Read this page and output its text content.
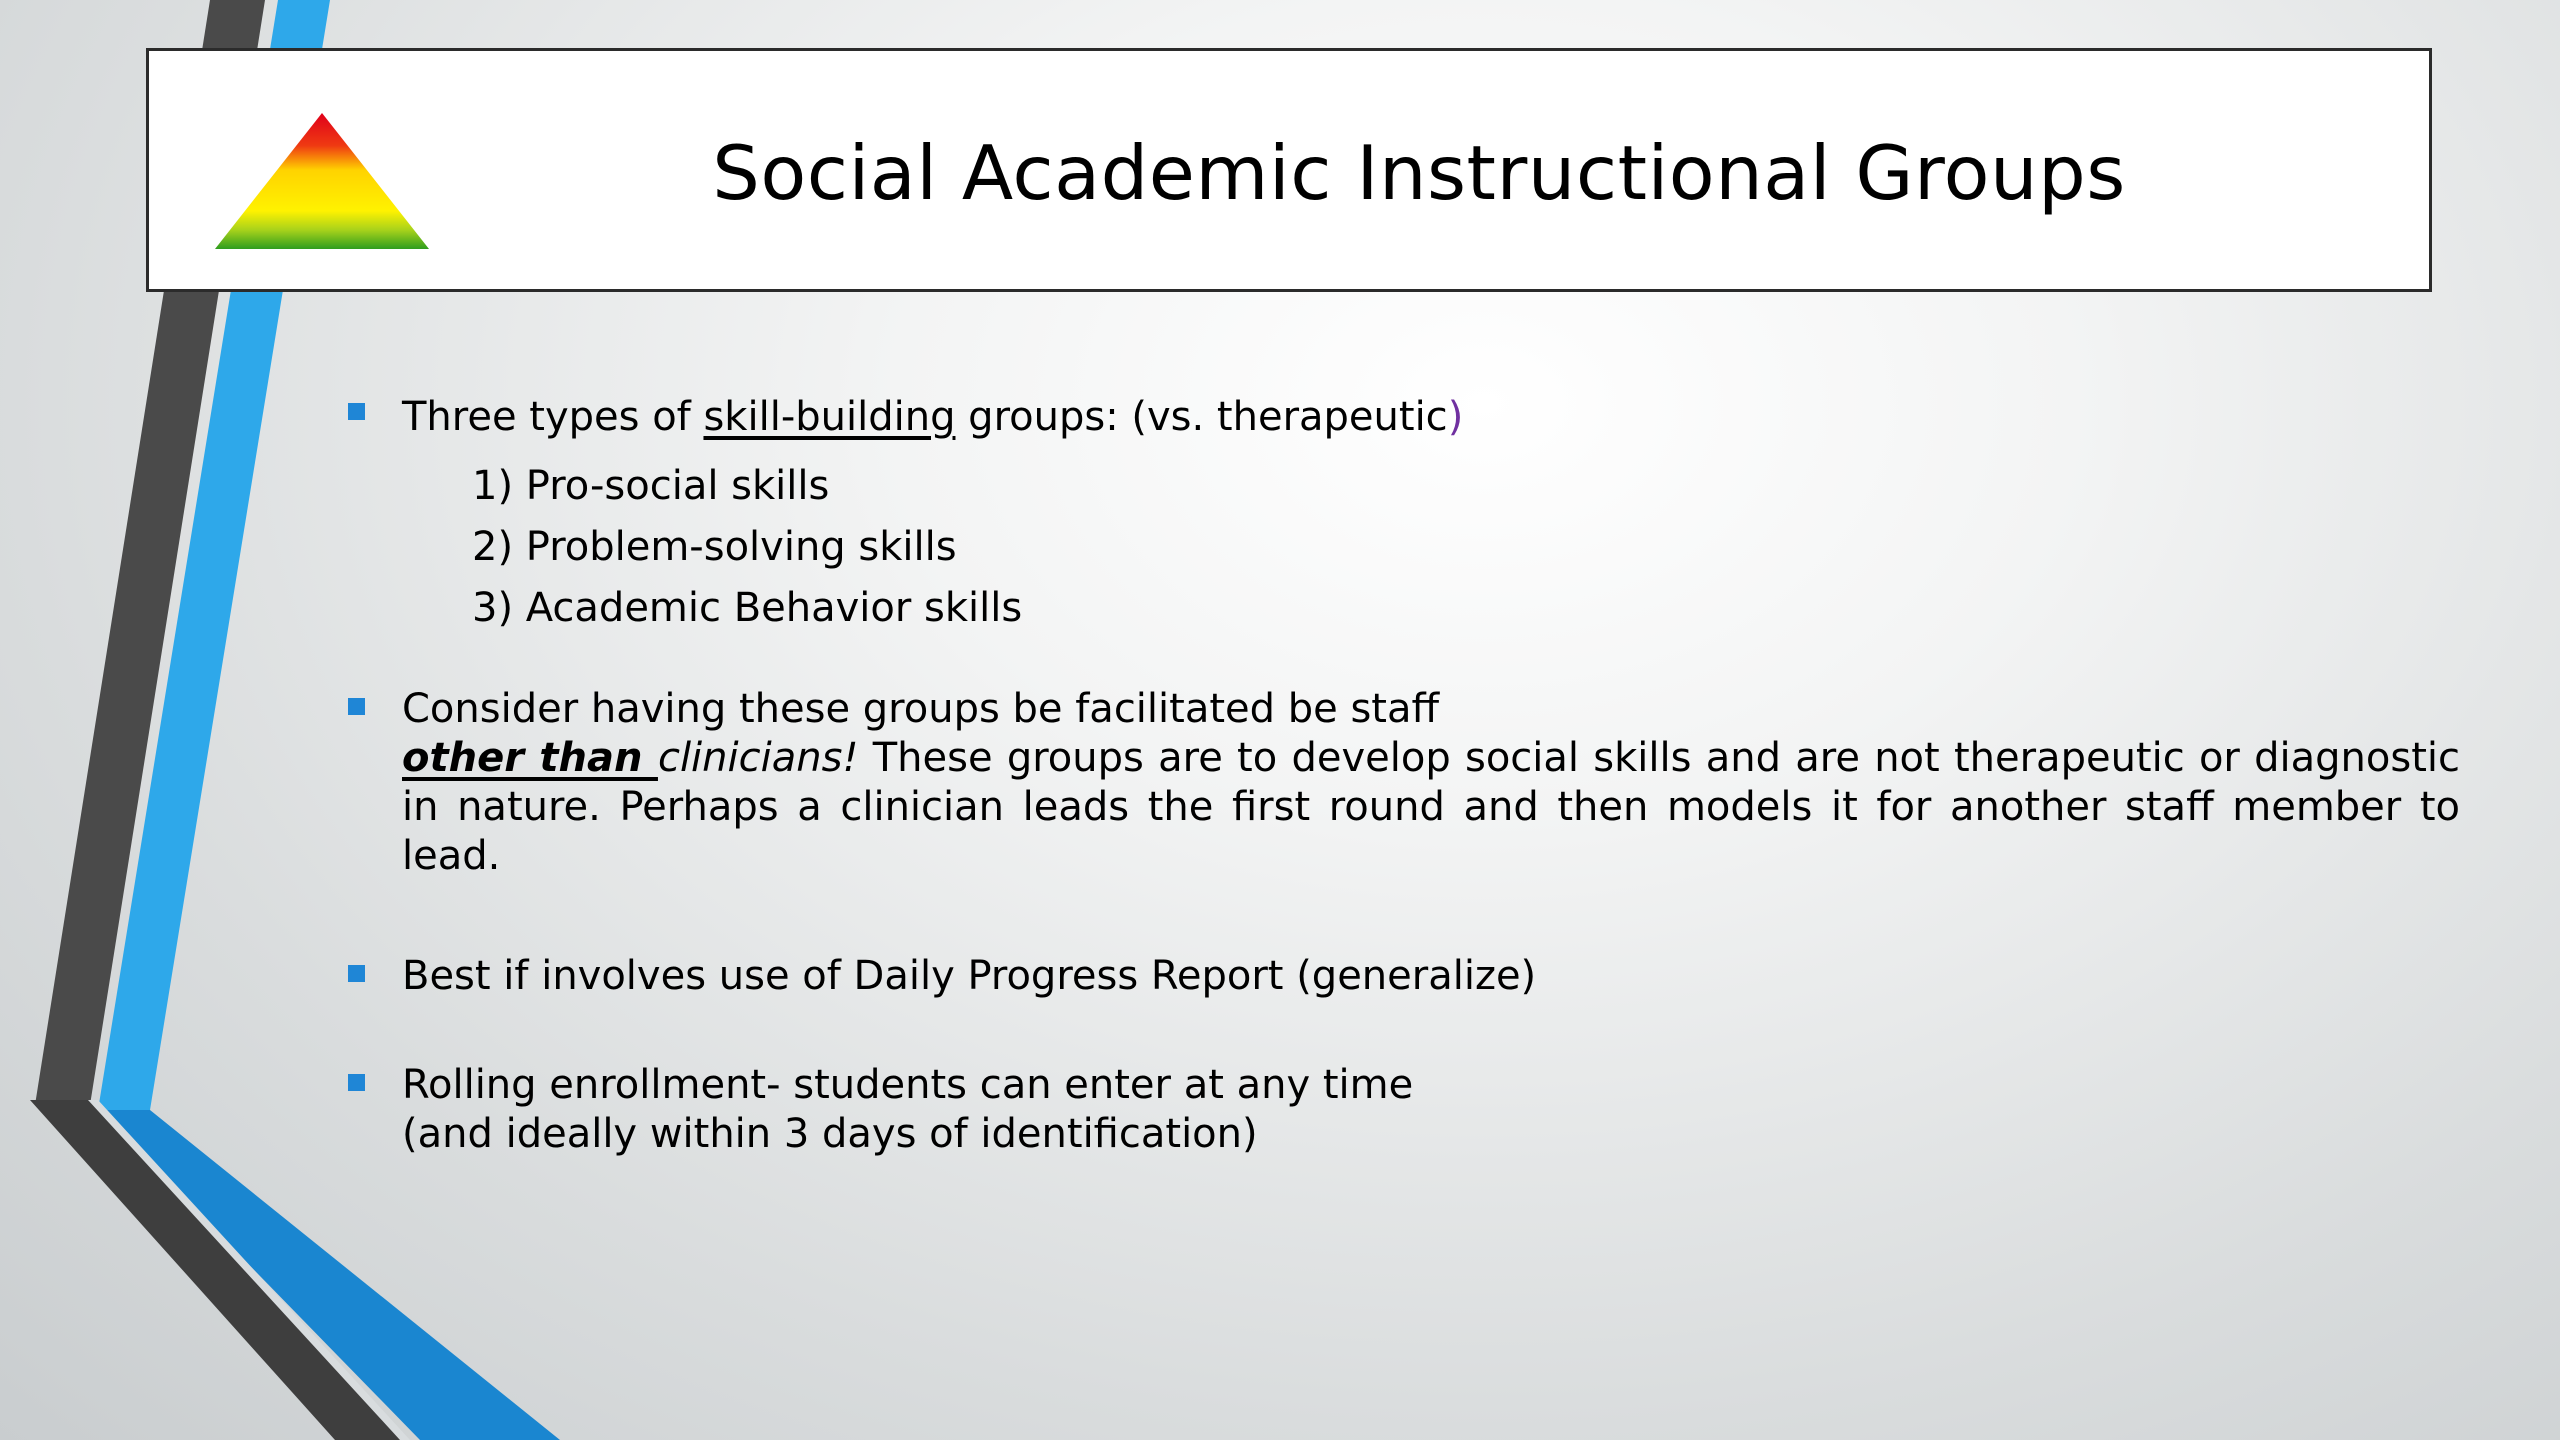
Social Academic Instructional Groups
Three types of skill-building groups: (vs. therapeutic)
1) Pro-social skills
2) Problem-solving skills
3) Academic Behavior skills
Consider having these groups be facilitated be staff
other than clinicians! These groups are to develop social skills and are not therapeutic or diagnostic in nature. Perhaps a clinician leads the first round and then models it for another staff member to lead.
Best if involves use of Daily Progress Report (generalize)
Rolling enrollment- students can enter at any time
(and ideally within 3 days of identification)
